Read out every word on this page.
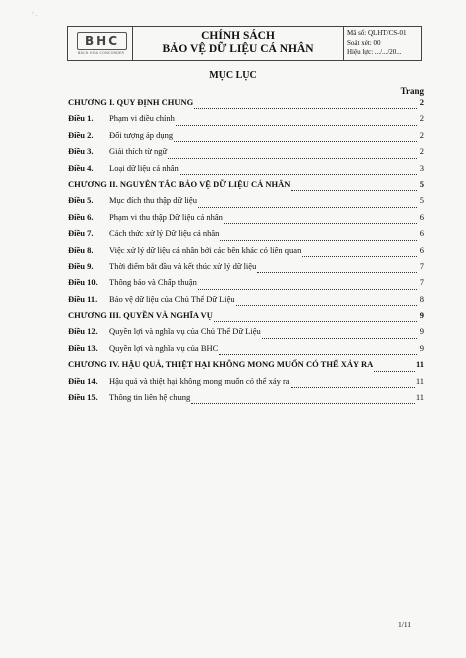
‘ .
BHC
BẢCH HÓA CONCORDER
CHÍNH SÁCH
BẢO VỆ DỮ LIỆU CÁ NHÂN
Mã số: QLHT/CS-01
Soát xét: 00
Hiệu lực: .../.../20...
MỤC LỤC
Trang
CHƯƠNG I. QUY ĐỊNH CHUNG	2
Điều 1.	Phạm vi điều chỉnh	2
Điều 2.	Đối tượng áp dụng	2
Điều 3.	Giải thích từ ngữ	2
Điều 4.	Loại dữ liệu cá nhân	3
CHƯƠNG II. NGUYÊN TẮC BẢO VỆ DỮ LIỆU CÁ NHÂN	5
Điều 5.	Mục đích thu thập dữ liệu	5
Điều 6.	Phạm vi thu thập Dữ liệu cá nhân	6
Điều 7.	Cách thức xử lý Dữ liệu cá nhân	6
Điều 8.	Việc xử lý dữ liệu cá nhân bởi các bên khác có liên quan	6
Điều 9.	Thời điểm bắt đầu và kết thúc xử lý dữ liệu	7
Điều 10.	Thông báo và Chấp thuận	7
Điều 11.	Bảo vệ dữ liệu của Chủ Thể Dữ Liệu	8
CHƯƠNG III. QUYỀN VÀ NGHĨA VỤ	9
Điều 12.	Quyền lợi và nghĩa vụ của Chủ Thể Dữ Liệu	9
Điều 13.	Quyền lợi và nghĩa vụ của BHC	9
CHƯƠNG IV. HẬU QUẢ, THIỆT HẠI KHÔNG MONG MUỐN CÓ THỂ XẢY RA	11
Điều 14.	Hậu quả và thiệt hại không mong muốn có thể xảy ra	11
Điều 15.	Thông tin liên hệ chung	11
1/11
